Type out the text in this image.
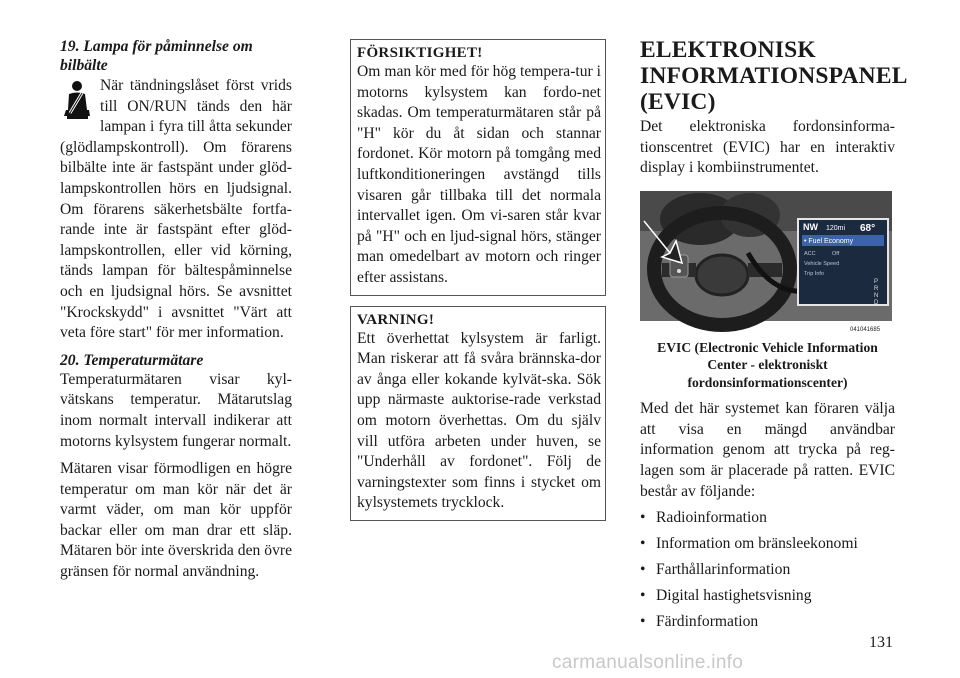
19. Lampa för påminnelse om bilbälte

När tändningslåset först vrids till ON/RUN tänds den här lampan i fyra till åtta sekunder (glödlampskontroll). Om förarens bilbälte inte är fastspänt under glöd-lampskontrollen hörs en ljudsignal. Om förarens säkerhetsbälte fortfa-rande inte är fastspänt efter glöd-lampskontrollen, eller vid körning, tänds lampan för bältespåminnelse och en ljudsignal hörs. Se avsnittet "Krockskydd" i avsnittet "Värt att veta före start" för mer information.

20. Temperaturmätare

Temperaturmätaren visar kyl-vätskans temperatur. Mätarutslag inom normalt intervall indikerar att motorns kylsystem fungerar normalt.

Mätaren visar förmodligen en högre temperatur om man kör när det är varmt väder, om man kör uppför backar eller om man drar ett släp. Mätaren bör inte överskrida den övre gränsen för normal användning.

FÖRSIKTIGHET!

Om man kör med för hög tempera-tur i motorns kylsystem kan fordo-net skadas. Om temperaturmätaren står på "H" kör du åt sidan och stannar fordonet. Kör motorn på tomgång med luftkonditioneringen avstängd tills visaren går tillbaka till det normala intervallet igen. Om vi-saren står kvar på "H" och en ljud-signal hörs, stänger man omedelbart av motorn och ringer efter assistans.

VARNING!

Ett överhettat kylsystem är farligt. Man riskerar att få svåra brännska-dor av ånga eller kokande kylvät-ska. Sök upp närmaste auktorise-rade verkstad om motorn överhettas. Om du själv vill utföra arbeten under huven, se "Underhåll av fordonet". Följ de varningstexter som finns i stycket om kylsystemets trycklock.

ELEKTRONISK
INFORMATIONSPANEL
(EVIC)

Det elektroniska fordonsinforma-tionscentret (EVIC) har en interaktiv display i kombiinstrumentet.

NW 120mi 68°
• Fuel Economy
ACC	Off
Vehicle Speed
Trip Info
P
R
N
D
041041685
EVIC (Electronic Vehicle Information
Center - elektroniskt
fordonsinformationscenter)

Med det här systemet kan föraren välja att visa en mängd användbar information genom att trycka på reg-lagen som är placerade på ratten. EVIC består av följande:

• Radioinformation
• Information om bränsleekonomi
• Farthållarinformation
• Digital hastighetsvisning
• Färdinformation
131
carmanualsonline.info
